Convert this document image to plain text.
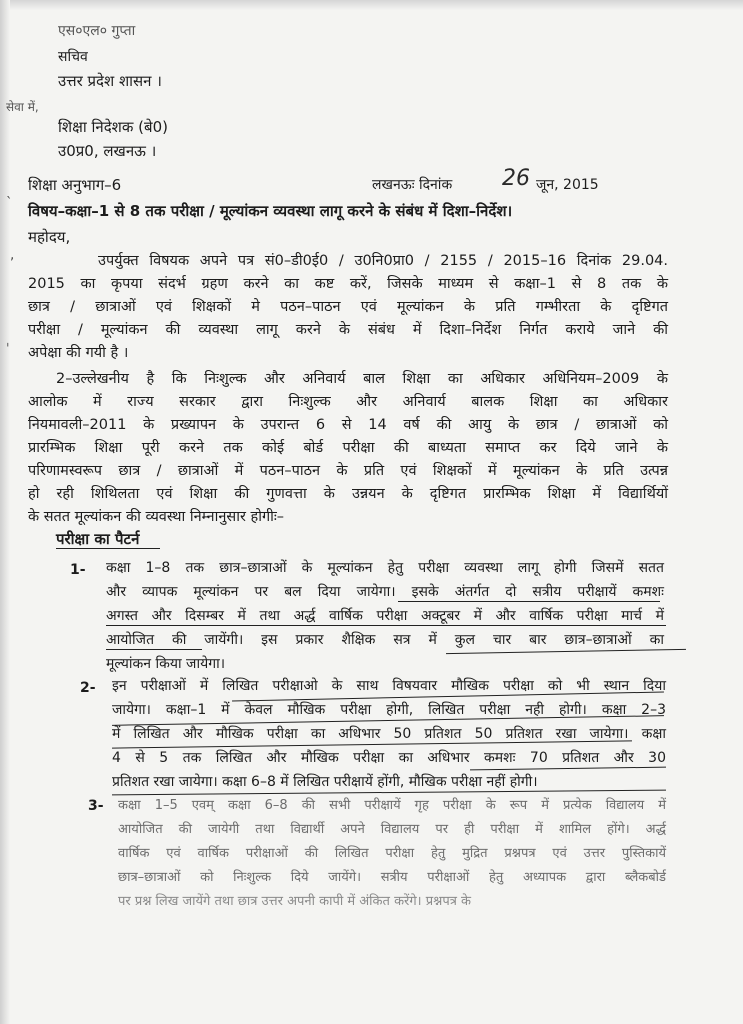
एस०एल० गुप्ता
सचिव
उत्तर प्रदेश शासन ।
सेवा में,
शिक्षा निदेशक (बे0)
उ0प्र0, लखनऊ ।
शिक्षा अनुभाग–6	लखनऊः दिनांक 26 जून, 2015
विषय–कक्षा–1 से 8 तक परीक्षा / मूल्यांकन व्यवस्था लागू करने के संबंध में दिशा–निर्देश।
महोदय,
उपर्युक्त विषयक अपने पत्र सं0–डी0ई0 / उ0नि0प्रा0 / 2155 / 2015–16 दिनांक 29.04.
2015 का कृपया संदर्भ ग्रहण करने का कष्ट करें, जिसके माध्यम से कक्षा–1 से 8 तक के
छात्र / छात्राओं एवं शिक्षकों मे पठन–पाठन एवं मूल्यांकन के प्रति गम्भीरता के दृष्टिगत
परीक्षा / मूल्यांकन की व्यवस्था लागू करने के संबंध में दिशा–निर्देश निर्गत कराये जाने की
अपेक्षा की गयी है ।
2–उल्लेखनीय है कि निःशुल्क और अनिवार्य बाल शिक्षा का अधिकार अधिनियम–2009 के
आलोक में राज्य सरकार द्वारा निःशुल्क और अनिवार्य बालक शिक्षा का अधिकार
नियमावली–2011 के प्रख्यापन के उपरान्त 6 से 14 वर्ष की आयु के छात्र / छात्राओं को
प्रारम्भिक शिक्षा पूरी करने तक कोई बोर्ड परीक्षा की बाध्यता समाप्त कर दिये जाने के
परिणामस्वरूप छात्र / छात्राओं में पठन–पाठन के प्रति एवं शिक्षकों में मूल्यांकन के प्रति उत्पन्न
हो रही शिथिलता एवं शिक्षा की गुणवत्ता के उन्नयन के दृष्टिगत प्रारम्भिक शिक्षा में विद्यार्थियों
के सतत मूल्यांकन की व्यवस्था निम्नानुसार होगीः–
परीक्षा का पैटर्न
1- कक्षा 1–8 तक छात्र–छात्राओं के मूल्यांकन हेतु परीक्षा व्यवस्था लागू होगी जिसमें सतत
और व्यापक मूल्यांकन पर बल दिया जायेगा। इसके अंतर्गत दो सत्रीय परीक्षायें कमशः
अगस्त और दिसम्बर में तथा अर्द्ध वार्षिक परीक्षा अक्टूबर में और वार्षिक परीक्षा मार्च में
आयोजित की जायेंगी। इस प्रकार शैक्षिक सत्र में कुल चार बार छात्र–छात्राओं का
मूल्यांकन किया जायेगा।
2- इन परीक्षाओं में लिखित परीक्षाओ के साथ विषयवार मौखिक परीक्षा को भी स्थान दिया
जायेगा। कक्षा–1 में केवल मौखिक परीक्षा होगी, लिखित परीक्षा नही होगी। कक्षा 2–3
में लिखित और मौखिक परीक्षा का अधिभार 50 प्रतिशत 50 प्रतिशत रखा जायेगा। कक्षा
4 से 5 तक लिखित और मौखिक परीक्षा का अधिभार कमशः 70 प्रतिशत और 30
प्रतिशत रखा जायेगा। कक्षा 6–8 में लिखित परीक्षायें होंगी, मौखिक परीक्षा नहीं होगी।
3- कक्षा 1–5 एवम् कक्षा 6–8 की सभी परीक्षायें गृह परीक्षा के रूप में प्रत्येक विद्यालय में
आयोजित की जायेगी तथा विद्यार्थी अपने विद्यालय पर ही परीक्षा में शामिल होंगे। अर्द्ध
वार्षिक एवं वार्षिक परीक्षाओं की लिखित परीक्षा हेतु मुद्रित प्रश्नपत्र एवं उत्तर पुस्तिकायें
छात्र–छात्राओं को निःशुल्क दिये जायेंगे। सत्रीय परीक्षाओं हेतु अध्यापक द्वारा ब्लैकबोर्ड
पर प्रश्न लिख जायेंगे तथा छात्र उत्तर अपनी कापी में अंकित करेंगे। प्रश्नपत्र के
`
‚
ˈ
